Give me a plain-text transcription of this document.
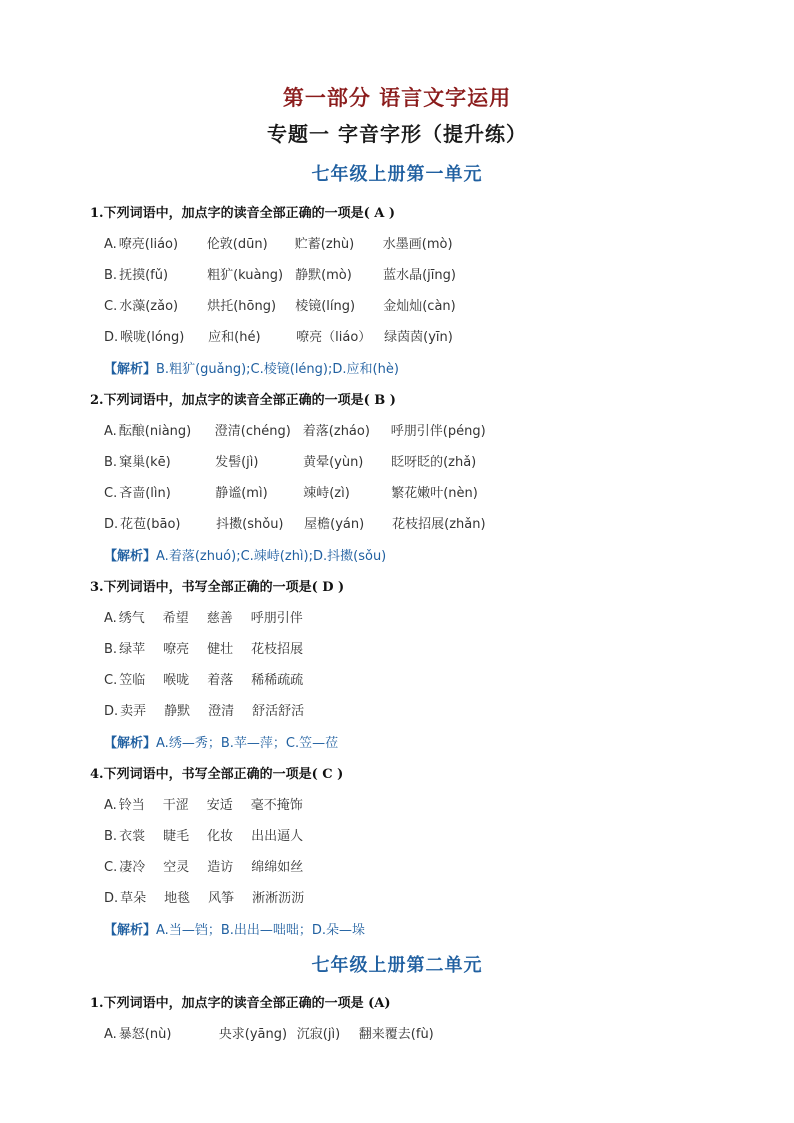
第一部分 语言文字运用
专题一 字音字形（提升练）
七年级上册第一单元
1.下列词语中，加点字的读音全部正确的一项是( A )
A. 嘹亮(liáo) 伦敦(dūn) 贮蓄(zhù) 水墨画(mò)
B. 抚摸(fǔ)	粗犷(kuàng) 静默(mò) 蓝水晶(jīng)
C. 水藻(zǎo) 烘托(hōng) 棱镜(líng) 金灿灿(càn)
D. 喉咙(lóng) 应和(hé)	嘹亮（liáo） 绿茵茵(yīn)
【解析】B.粗犷(guǎng);C.棱镜(léng);D.应和(hè)
2.下列词语中，加点字的读音全部正确的一项是( B )
A. 酝酿(niàng) 澄清(chéng) 着落(zháo) 呼朋引伴(péng)
B. 窠巢(kē)	发髻(jì)	黄晕(yùn) 眨呀眨的(zhǎ)
C. 吝啬(lìn)	静谧(mì)	竦峙(zì)	繁花嫩叶(nèn)
D. 花苞(bāo)	抖擞(shǒu) 屋檐(yán) 花枝招展(zhǎn)
【解析】A.着落(zhuó);C.竦峙(zhì);D.抖擞(sǒu)
3.下列词语中，书写全部正确的一项是( D )
A. 绣气 希望 慈善 呼朋引伴
B. 绿苹 嘹亮 健壮 花枝招展
C. 笠临 喉咙 着落 稀稀疏疏
D. 卖弄 静默 澄清 舒活舒活
【解析】A.绣—秀；B.苹—萍；C.笠—莅
4.下列词语中，书写全部正确的一项是( C )
A. 铃当 干涩 安适 毫不掩饰
B. 衣裳 睫毛 化妆 出出逼人
C. 凄冷 空灵 造访 绵绵如丝
D. 草朵 地毯 风筝 淅淅沥沥
【解析】A.当—铛；B.出出—咄咄；D.朵—垛
七年级上册第二单元
1.下列词语中，加点字的读音全部正确的一项是 (A)
A. 暴怒(nù)	央求(yāng) 沉寂(jì) 翻来覆去(fù)
